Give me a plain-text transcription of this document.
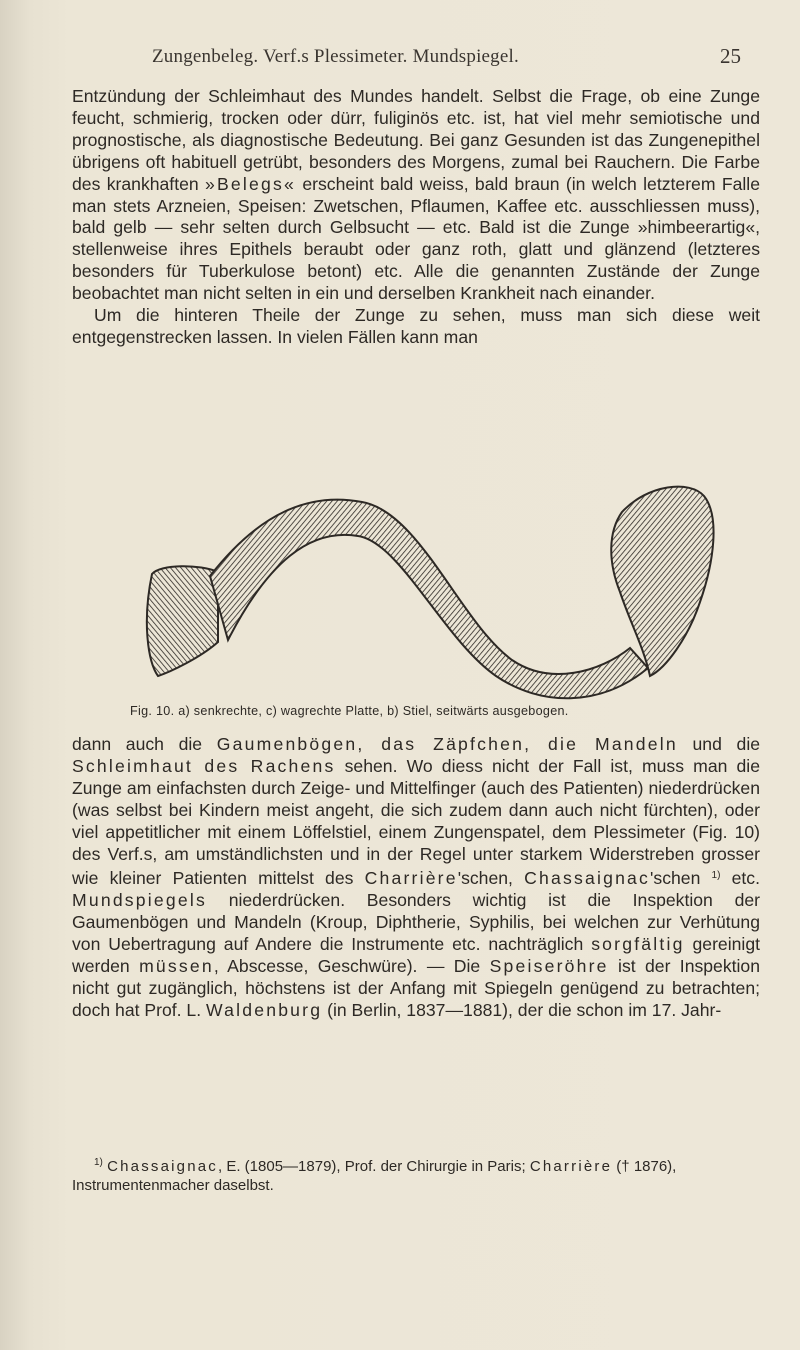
Zungenbeleg. Verf.s Plessimeter. Mundspiegel.	25

Entzündung der Schleimhaut des Mundes handelt. Selbst die Frage, ob eine Zunge feucht, schmierig, trocken oder dürr, fuliginös etc. ist, hat viel mehr semiotische und prognostische, als diagnostische Bedeutung. Bei ganz Gesunden ist das Zungenepithel übrigens oft habituell getrübt, besonders des Morgens, zumal bei Rauchern. Die Farbe des krankhaften »Belegs« erscheint bald weiss, bald braun (in welch letzterem Falle man stets Arzneien, Speisen: Zwetschen, Pflaumen, Kaffee etc. ausschliessen muss), bald gelb — sehr selten durch Gelbsucht — etc. Bald ist die Zunge »himbeerartig«, stellenweise ihres Epithels beraubt oder ganz roth, glatt und glänzend (letzteres besonders für Tuberkulose betont) etc. Alle die genannten Zustände der Zunge beobachtet man nicht selten in ein und derselben Krankheit nach einander.

Um die hinteren Theile der Zunge zu sehen, muss man sich diese weit entgegenstrecken lassen. In vielen Fällen kann man

Fig. 10. a) senkrechte, c) wagrechte Platte, b) Stiel, seitwärts ausgebogen.

dann auch die Gaumenbögen, das Zäpfchen, die Mandeln und die Schleimhaut des Rachens sehen. Wo diess nicht der Fall ist, muss man die Zunge am einfachsten durch Zeige- und Mittelfinger (auch des Patienten) niederdrücken (was selbst bei Kindern meist angeht, die sich zudem dann auch nicht fürchten), oder viel appetitlicher mit einem Löffelstiel, einem Zungenspatel, dem Plessimeter (Fig. 10) des Verf.s, am umständlichsten und in der Regel unter starkem Widerstreben grosser wie kleiner Patienten mittelst des Charrière'schen, Chassaignac'schen $^{1)}$ etc. Mundspiegels niederdrücken. Besonders wichtig ist die Inspektion der Gaumenbögen und Mandeln (Kroup, Diphtherie, Syphilis, bei welchen zur Verhütung von Uebertragung auf Andere die Instrumente etc. nachträglich sorgfältig gereinigt werden müssen, Abscesse, Geschwüre). — Die Speiseröhre ist der Inspektion nicht gut zugänglich, höchstens ist der Anfang mit Spiegeln genügend zu betrachten; doch hat Prof. L. Waldenburg (in Berlin, 1837—1881), der die schon im 17. Jahr-

$^{1)}$ Chassaignac, E. (1805—1879), Prof. der Chirurgie in Paris; Charrière († 1876), Instrumentenmacher daselbst.
